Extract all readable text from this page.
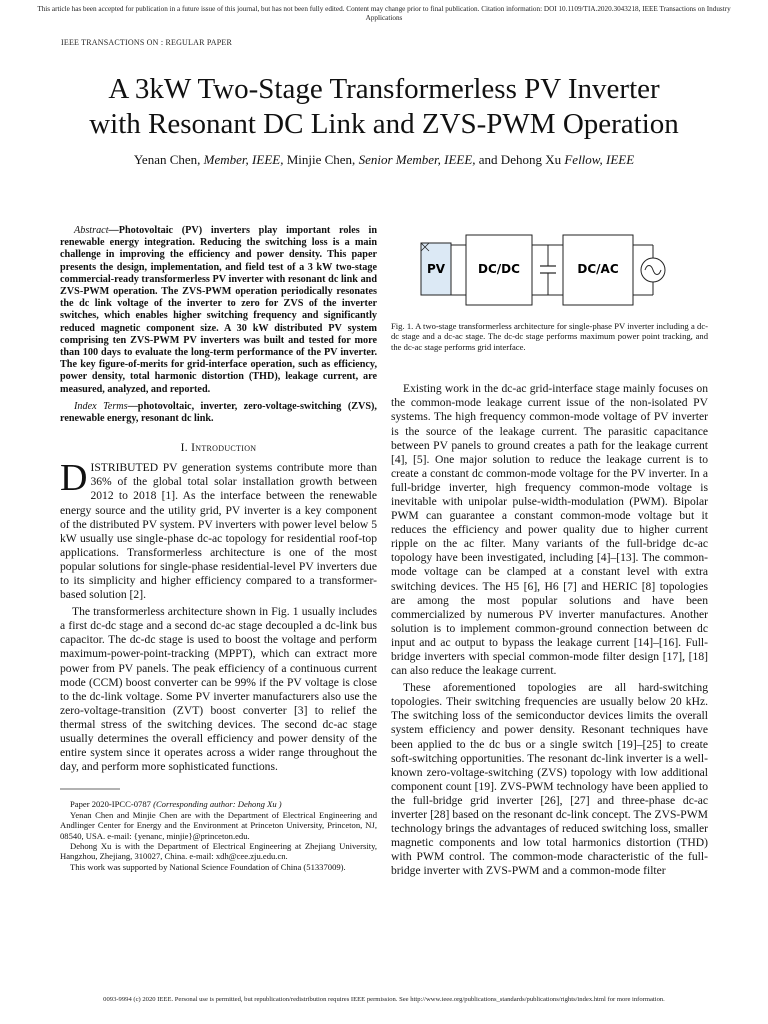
This article has been accepted for publication in a future issue of this journal, but has not been fully edited. Content may change prior to final publication. Citation information: DOI 10.1109/TIA.2020.3043218, IEEE Transactions on Industry Applications
IEEE TRANSACTIONS ON : REGULAR PAPER
A 3kW Two-Stage Transformerless PV Inverter
with Resonant DC Link and ZVS-PWM Operation
Yenan Chen, Member, IEEE, Minjie Chen, Senior Member, IEEE, and Dehong Xu Fellow, IEEE

Abstract—Photovoltaic (PV) inverters play important roles in renewable energy integration. Reducing the switching loss is a main challenge in improving the efficiency and power density. This paper presents the design, implementation, and field test of a 3 kW two-stage commercial-ready transformerless PV inverter with resonant dc link and ZVS-PWM operation. The ZVS-PWM operation periodically resonates the dc link voltage of the inverter to zero for ZVS of the inverter switches, which enables higher switching frequency and significantly reduced magnetic component size. A 30 kW distributed PV system comprising ten ZVS-PWM PV inverters was built and tested for more than 100 days to evaluate the long-term performance of the PV inverter. The key figure-of-merits for grid-interface operation, such as efficiency, power density, total harmonic distortion (THD), leakage current, are measured, analyzed, and reported.

Index Terms—photovoltaic, inverter, zero-voltage-switching (ZVS), renewable energy, resonant dc link.
I. Introduction

DISTRIBUTED PV generation systems contribute more than 36% of the global total solar installation growth between 2012 to 2018 [1]. As the interface between the renewable energy source and the utility grid, PV inverter is a key component of the distributed PV system. PV inverters with power level below 5 kW usually use single-phase dc-ac topology for residential roof-top applications. Transformerless architecture is one of the most popular solutions for single-phase residential-level PV inverters due to its simplicity and higher efficiency compared to a transformer-based solution [2].

The transformerless architecture shown in Fig. 1 usually includes a first dc-dc stage and a second dc-ac stage decoupled a dc-link bus capacitor. The dc-dc stage is used to boost the voltage and perform maximum-power-point-tracking (MPPT), which can extract more power from PV panels. The peak efficiency of a continuous current mode (CCM) boost converter can be 99% if the PV voltage is close to the dc-link voltage. Some PV inverter manufacturers also use the zero-voltage-transition (ZVT) boost converter [3] to relief the thermal stress of the switching devices. The second dc-ac stage usually determines the overall efficiency and power density of the entire system since it operates across a wider range throughout the day, and perform more sophisticated functions.

Paper 2020-IPCC-0787 (Corresponding author: Dehong Xu )

Yenan Chen and Minjie Chen are with the Department of Electrical Engineering and Andlinger Center for Energy and the Environment at Princeton University, Princeton, NJ, 08540, USA. e-mail: {yenanc, minjie}@princeton.edu.

Dehong Xu is with the Department of Electrical Engineering at Zhejiang University, Hangzhou, Zhejiang, 310027, China. e-mail: xdh@cee.zju.edu.cn.

This work was supported by National Science Foundation of China (51337009).

PV	DC/DC	DC/AC
Fig. 1. A two-stage transformerless architecture for single-phase PV inverter including a dc-dc stage and a dc-ac stage. The dc-dc stage performs maximum power point tracking, and the dc-ac stage performs grid interface.

Existing work in the dc-ac grid-interface stage mainly focuses on the common-mode leakage current issue of the non-isolated PV systems. The high frequency common-mode voltage of PV inverter is the source of the leakage current. The parasitic capacitance between PV panels to ground creates a path for the leakage current [4], [5]. One major solution to reduce the leakage current is to create a constant dc common-mode voltage for the PV inverter. In a full-bridge inverter, high frequency common-mode voltage is inevitable with unipolar pulse-width-modulation (PWM). Bipolar PWM can guarantee a constant common-mode voltage but it reduces the efficiency and power quality due to higher current ripple on the ac filter. Many variants of the full-bridge dc-ac topology have been investigated, including [4]–[13]. The common-mode voltage can be clamped at a constant level with extra switching devices. The H5 [6], H6 [7] and HERIC [8] topologies are among the most popular solutions and have been commercialized by numerous PV inverter manufactures. Another solution is to implement common-ground connection between dc input and ac output to bypass the leakage current [14]–[16]. Full-bridge inverters with special common-mode filter design [17], [18] can also reduce the leakage current.

These aforementioned topologies are all hard-switching topologies. Their switching frequencies are usually below 20 kHz. The switching loss of the semiconductor devices limits the overall system efficiency and power density. Resonant techniques have been applied to the dc bus or a single switch [19]–[25] to create soft-switching opportunities. The resonant dc-link inverter is a well-known zero-voltage-switching (ZVS) topology with low additional component count [19]. ZVS-PWM technology have been applied to the full-bridge grid inverter [26], [27] and three-phase dc-ac inverter [28] based on the resonant dc-link concept. The ZVS-PWM technology brings the advantages of reduced switching loss, smaller magnetic components and low total harmonics distortion (THD) with PWM control. The common-mode characteristic of the full-bridge inverter with ZVS-PWM and a common-mode filter

0093-9994 (c) 2020 IEEE. Personal use is permitted, but republication/redistribution requires IEEE permission. See http://www.ieee.org/publications_standards/publications/rights/index.html for more information.
